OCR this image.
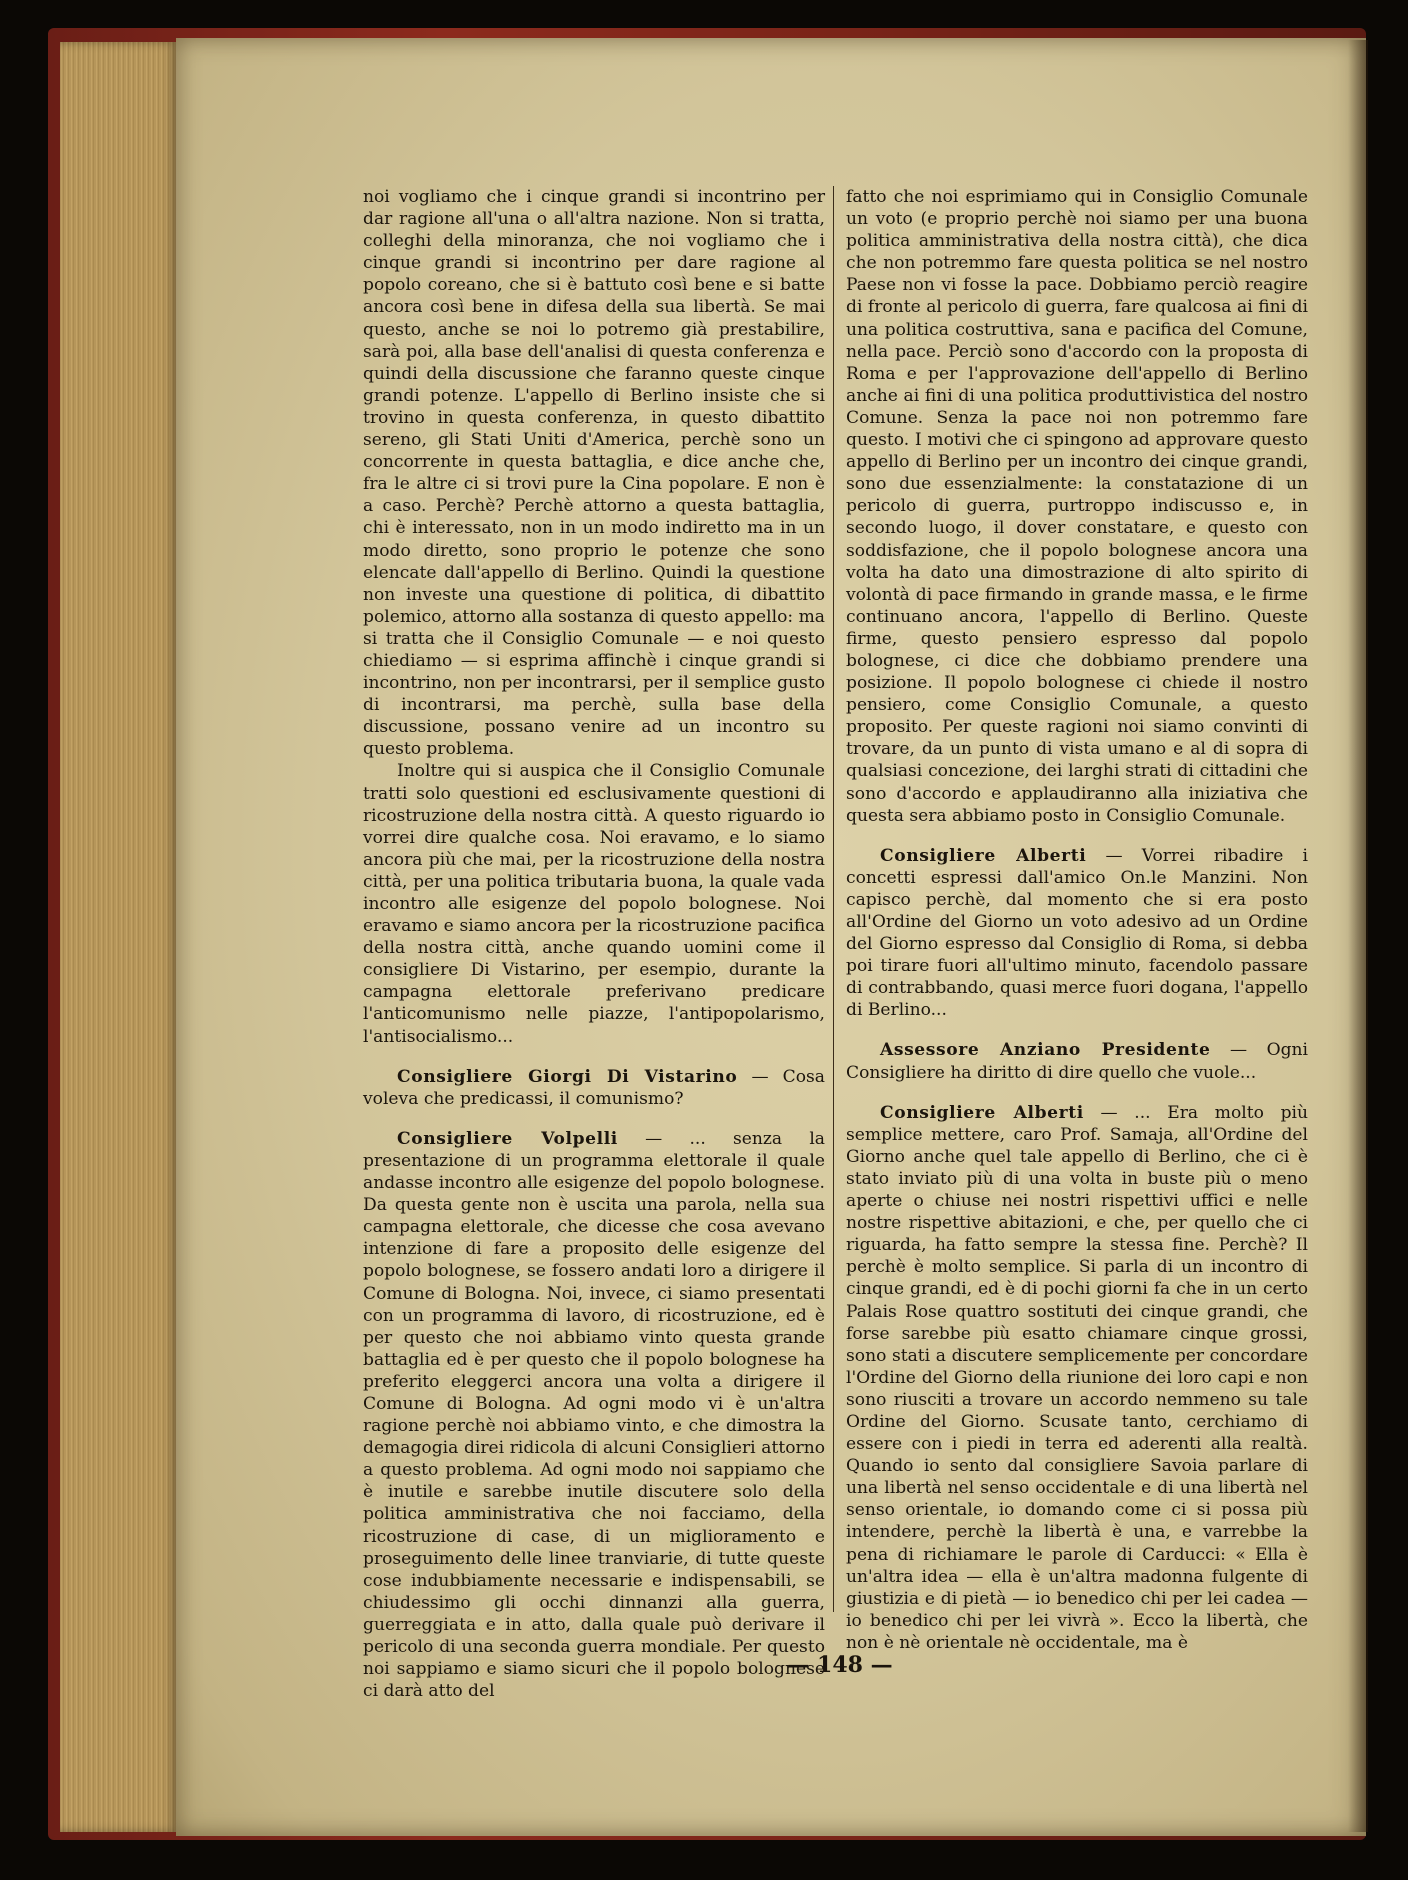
noi vogliamo che i cinque grandi si incontrino per dar ragione all'una o all'altra nazione. Non si tratta, colleghi della minoranza, che noi vogliamo che i cinque grandi si incontrino per dare ragione al popolo coreano, che si è battuto così bene e si batte ancora così bene in difesa della sua libertà. Se mai questo, anche se noi lo potremo già prestabilire, sarà poi, alla base dell'analisi di questa conferenza e quindi della discussione che faranno queste cinque grandi potenze. L'appello di Berlino insiste che si trovino in questa conferenza, in questo dibattito sereno, gli Stati Uniti d'America, perchè sono un concorrente in questa battaglia, e dice anche che, fra le altre ci si trovi pure la Cina popolare. E non è a caso. Perchè? Perchè attorno a questa battaglia, chi è interessato, non in un modo indiretto ma in un modo diretto, sono proprio le potenze che sono elencate dall'appello di Berlino. Quindi la questione non investe una questione di politica, di dibattito polemico, attorno alla sostanza di questo appello: ma si tratta che il Consiglio Comunale — e noi questo chiediamo — si esprima affinchè i cinque grandi si incontrino, non per incontrarsi, per il semplice gusto di incontrarsi, ma perchè, sulla base della discussione, possano venire ad un incontro su questo problema.

Inoltre qui si auspica che il Consiglio Comunale tratti solo questioni ed esclusivamente questioni di ricostruzione della nostra città. A questo riguardo io vorrei dire qualche cosa. Noi eravamo, e lo siamo ancora più che mai, per la ricostruzione della nostra città, per una politica tributaria buona, la quale vada incontro alle esigenze del popolo bolognese. Noi eravamo e siamo ancora per la ricostruzione pacifica della nostra città, anche quando uomini come il consigliere Di Vistarino, per esempio, durante la campagna elettorale preferivano predicare l'anticomunismo nelle piazze, l'antipopolarismo, l'antisocialismo...

Consigliere Giorgi Di Vistarino — Cosa voleva che predicassi, il comunismo?

Consigliere Volpelli — ... senza la presentazione di un programma elettorale il quale andasse incontro alle esigenze del popolo bolognese. Da questa gente non è uscita una parola, nella sua campagna elettorale, che dicesse che cosa avevano intenzione di fare a proposito delle esigenze del popolo bolognese, se fossero andati loro a dirigere il Comune di Bologna. Noi, invece, ci siamo presentati con un programma di lavoro, di ricostruzione, ed è per questo che noi abbiamo vinto questa grande battaglia ed è per questo che il popolo bolognese ha preferito eleggerci ancora una volta a dirigere il Comune di Bologna. Ad ogni modo vi è un'altra ragione perchè noi abbiamo vinto, e che dimostra la demagogia direi ridicola di alcuni Consiglieri attorno a questo problema. Ad ogni modo noi sappiamo che è inutile e sarebbe inutile discutere solo della politica amministrativa che noi facciamo, della ricostruzione di case, di un miglioramento e proseguimento delle linee tranviarie, di tutte queste cose indubbiamente necessarie e indispensabili, se chiudessimo gli occhi dinnanzi alla guerra, guerreggiata e in atto, dalla quale può derivare il pericolo di una seconda guerra mondiale. Per questo noi sappiamo e siamo sicuri che il popolo bolognese ci darà atto del

fatto che noi esprimiamo qui in Consiglio Comunale un voto (e proprio perchè noi siamo per una buona politica amministrativa della nostra città), che dica che non potremmo fare questa politica se nel nostro Paese non vi fosse la pace. Dobbiamo perciò reagire di fronte al pericolo di guerra, fare qualcosa ai fini di una politica costruttiva, sana e pacifica del Comune, nella pace. Perciò sono d'accordo con la proposta di Roma e per l'approvazione dell'appello di Berlino anche ai fini di una politica produttivistica del nostro Comune. Senza la pace noi non potremmo fare questo. I motivi che ci spingono ad approvare questo appello di Berlino per un incontro dei cinque grandi, sono due essenzialmente: la constatazione di un pericolo di guerra, purtroppo indiscusso e, in secondo luogo, il dover constatare, e questo con soddisfazione, che il popolo bolognese ancora una volta ha dato una dimostrazione di alto spirito di volontà di pace firmando in grande massa, e le firme continuano ancora, l'appello di Berlino. Queste firme, questo pensiero espresso dal popolo bolognese, ci dice che dobbiamo prendere una posizione. Il popolo bolognese ci chiede il nostro pensiero, come Consiglio Comunale, a questo proposito. Per queste ragioni noi siamo convinti di trovare, da un punto di vista umano e al di sopra di qualsiasi concezione, dei larghi strati di cittadini che sono d'accordo e applaudiranno alla iniziativa che questa sera abbiamo posto in Consiglio Comunale.

Consigliere Alberti — Vorrei ribadire i concetti espressi dall'amico On.le Manzini. Non capisco perchè, dal momento che si era posto all'Ordine del Giorno un voto adesivo ad un Ordine del Giorno espresso dal Consiglio di Roma, si debba poi tirare fuori all'ultimo minuto, facendolo passare di contrabbando, quasi merce fuori dogana, l'appello di Berlino...

Assessore Anziano Presidente — Ogni Consigliere ha diritto di dire quello che vuole...

Consigliere Alberti — ... Era molto più semplice mettere, caro Prof. Samaja, all'Ordine del Giorno anche quel tale appello di Berlino, che ci è stato inviato più di una volta in buste più o meno aperte o chiuse nei nostri rispettivi uffici e nelle nostre rispettive abitazioni, e che, per quello che ci riguarda, ha fatto sempre la stessa fine. Perchè? Il perchè è molto semplice. Si parla di un incontro di cinque grandi, ed è di pochi giorni fa che in un certo Palais Rose quattro sostituti dei cinque grandi, che forse sarebbe più esatto chiamare cinque grossi, sono stati a discutere semplicemente per concordare l'Ordine del Giorno della riunione dei loro capi e non sono riusciti a trovare un accordo nemmeno su tale Ordine del Giorno. Scusate tanto, cerchiamo di essere con i piedi in terra ed aderenti alla realtà. Quando io sento dal consigliere Savoia parlare di una libertà nel senso occidentale e di una libertà nel senso orientale, io domando come ci si possa più intendere, perchè la libertà è una, e varrebbe la pena di richiamare le parole di Carducci: « Ella è un'altra idea — ella è un'altra madonna fulgente di giustizia e di pietà — io benedico chi per lei cadea — io benedico chi per lei vivrà ». Ecco la libertà, che non è nè orientale nè occidentale, ma è

— 148 —
